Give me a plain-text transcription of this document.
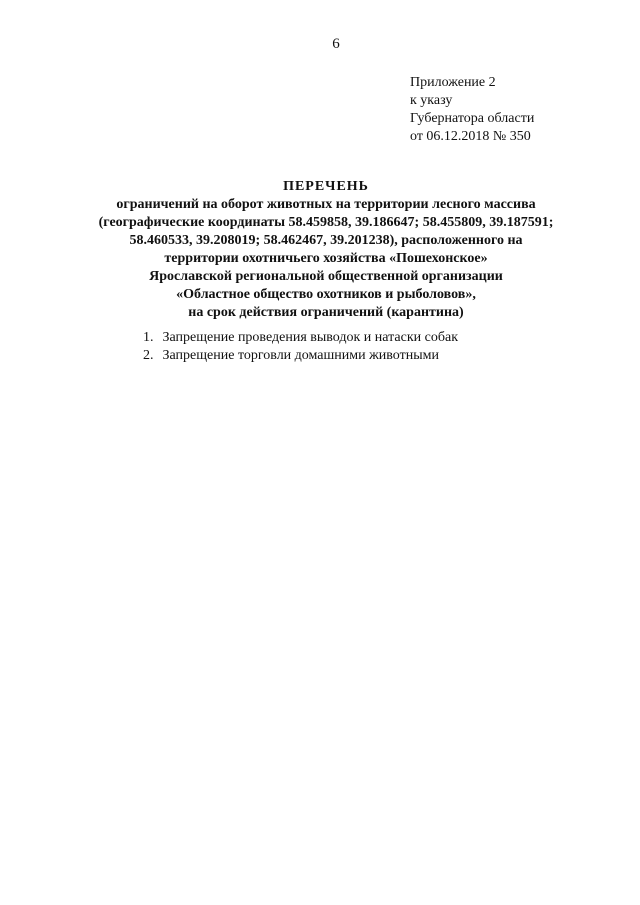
6
Приложение 2
к указу
Губернатора области
от 06.12.2018 № 350
ПЕРЕЧЕНЬ
ограничений на оборот животных на территории лесного массива
(географические координаты 58.459858, 39.186647; 58.455809, 39.187591;
58.460533, 39.208019; 58.462467, 39.201238), расположенного на
территории охотничьего хозяйства «Пошехонское»
Ярославской региональной общественной организации
«Областное общество охотников и рыболовов»,
на срок действия ограничений (карантина)
1. Запрещение проведения выводок и натаски собак
2. Запрещение торговли домашними животными
